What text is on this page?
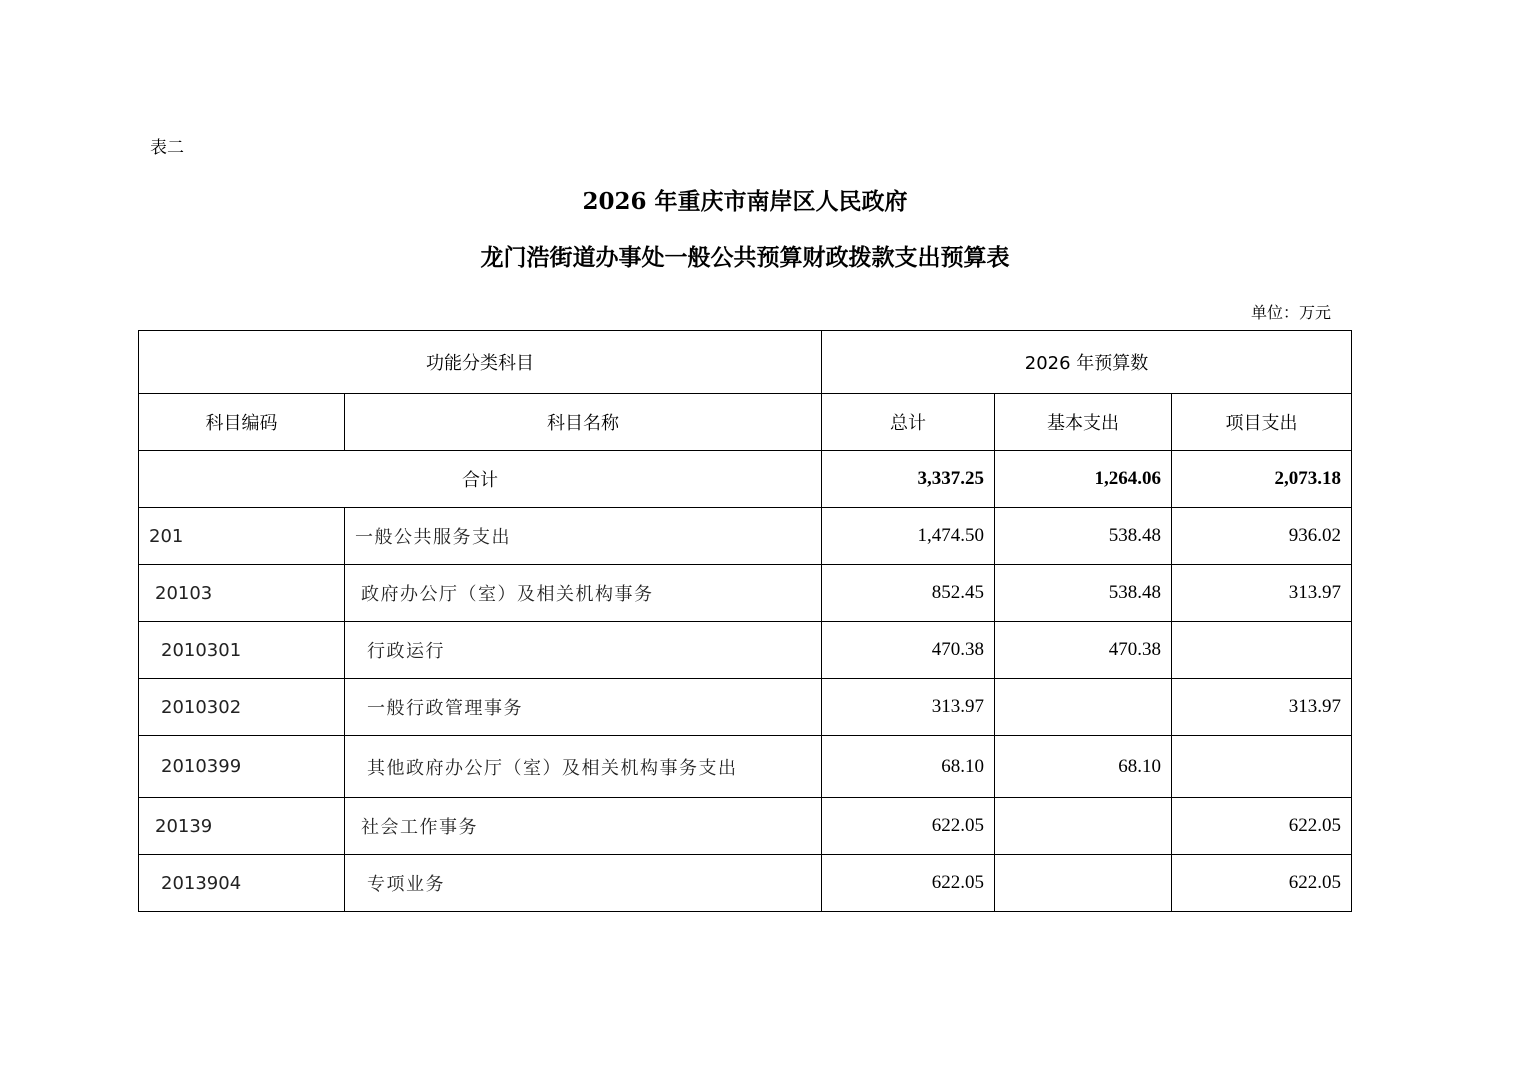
表二
2026 年重庆市南岸区人民政府
龙门浩街道办事处一般公共预算财政拨款支出预算表
单位：万元
功能分类科目		2026 年预算数		
科目编码	科目名称	总计	基本支出	项目支出
合计		3,337.25	1,264.06	2,073.18
201	一般公共服务支出	1,474.50	538.48	936.02
20103	政府办公厅（室）及相关机构事务	852.45	538.48	313.97
2010301	行政运行	470.38	470.38	
2010302	一般行政管理事务	313.97		313.97
2010399	其他政府办公厅（室）及相关机构事务支出	68.10	68.10	
20139	社会工作事务	622.05		622.05
2013904	专项业务	622.05		622.05
